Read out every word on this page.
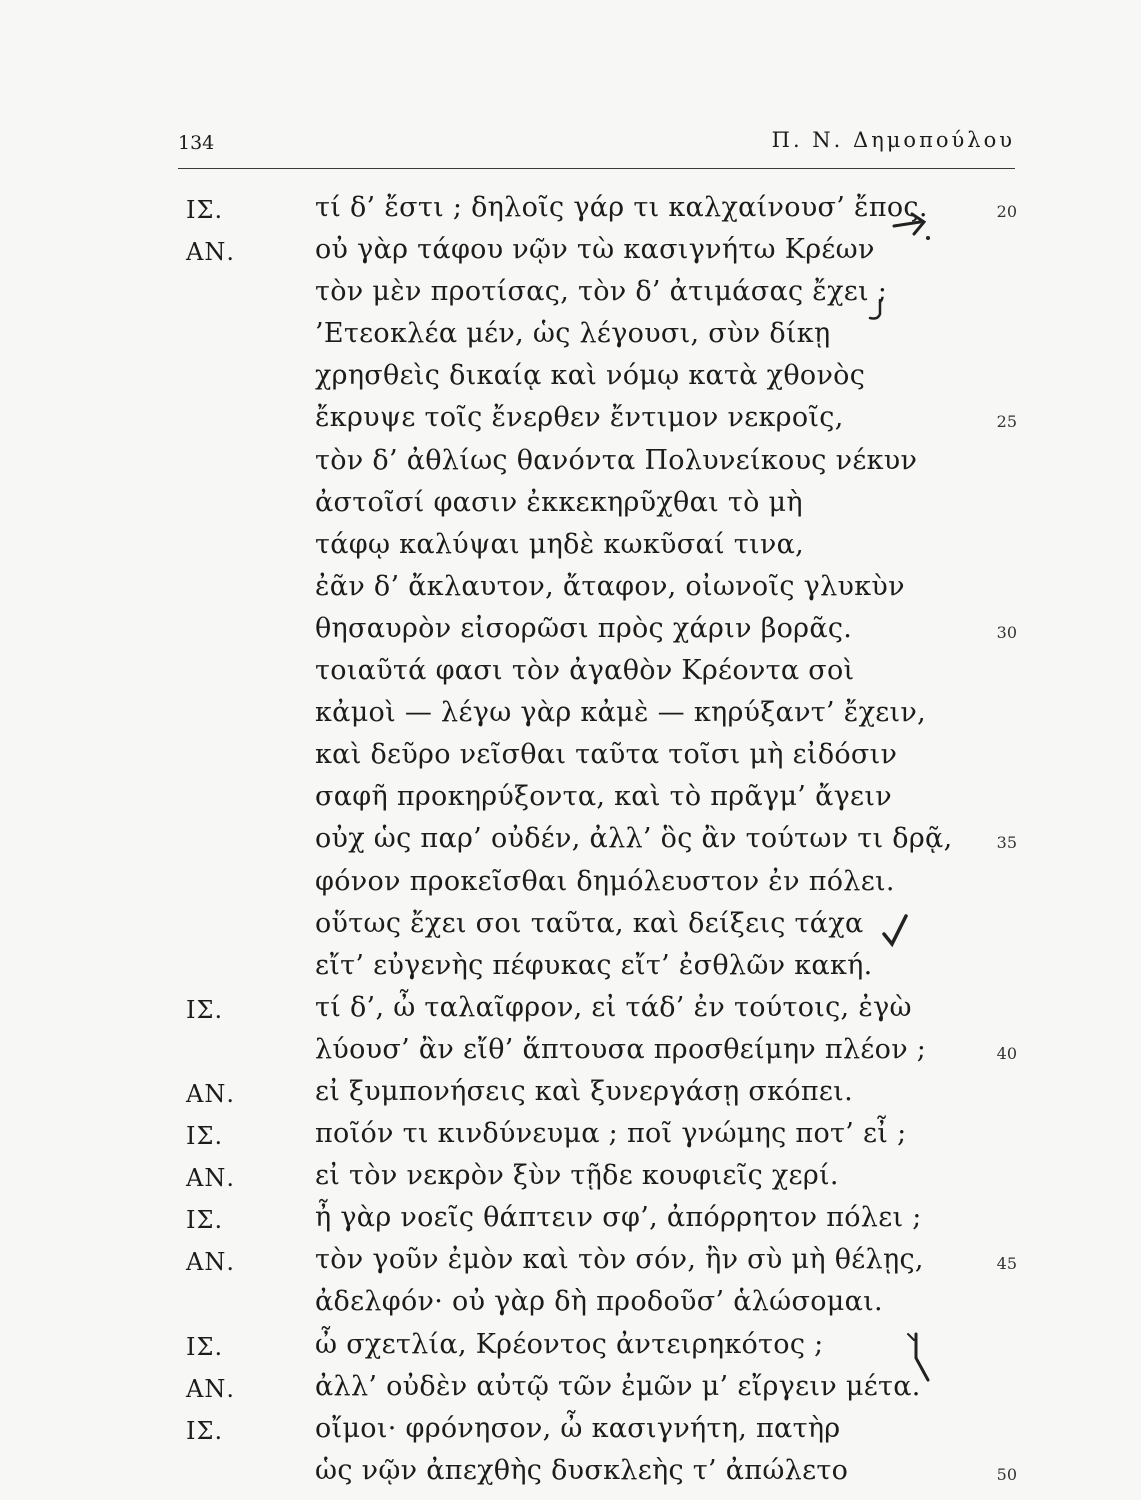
134	Π. Ν. Δημοπούλου
ΙΣ.	τί δ’ ἔστι ; δηλοῖς γάρ τι καλχαίνουσ’ ἔπος.	20
ΑΝ.	οὐ γὰρ τάφου νῷν τὼ κασιγνήτω Κρέων
τὸν μὲν προτίσας, τὸν δ’ ἀτιμάσας ἔχει ;
’Ετεοκλέα μέν, ὡς λέγουσι, σὺν δίκῃ
χρησθεὶς δικαίᾳ καὶ νόμῳ κατὰ χθονὸς
ἔκρυψε τοῖς ἔνερθεν ἔντιμον νεκροῖς,	25
τὸν δ’ ἀθλίως θανόντα Πολυνείκους νέκυν
ἀστοῖσί φασιν ἐκκεκηρῦχθαι τὸ μὴ
τάφῳ καλύψαι μηδὲ κωκῦσαί τινα,
ἐᾶν δ’ ἄκλαυτον, ἄταφον, οἰωνοῖς γλυκὺν
θησαυρὸν εἰσορῶσι πρὸς χάριν βορᾶς.	30
τοιαῦτά φασι τὸν ἀγαθὸν Κρέοντα σοὶ
κἀμοὶ — λέγω γὰρ κἀμὲ — κηρύξαντ’ ἔχειν,
καὶ δεῦρο νεῖσθαι ταῦτα τοῖσι μὴ εἰδόσιν
σαφῆ προκηρύξοντα, καὶ τὸ πρᾶγμ’ ἄγειν
οὐχ ὡς παρ’ οὐδέν, ἀλλ’ ὃς ἂν τούτων τι δρᾷ,	35
φόνον προκεῖσθαι δημόλευστον ἐν πόλει.
οὕτως ἔχει σοι ταῦτα, καὶ δείξεις τάχα
εἴτ’ εὐγενὴς πέφυκας εἴτ’ ἐσθλῶν κακή.
ΙΣ.	τί δ’, ὦ ταλαῖφρον, εἰ τάδ’ ἐν τούτοις, ἐγὼ
λύουσ’ ἂν εἴθ’ ἅπτουσα προσθείμην πλέον ;	40
ΑΝ.	εἰ ξυμπονήσεις καὶ ξυνεργάσῃ σκόπει.
ΙΣ.	ποῖόν τι κινδύνευμα ; ποῖ γνώμης ποτ’ εἶ ;
ΑΝ.	εἰ τὸν νεκρὸν ξὺν τῇδε κουφιεῖς χερί.
ΙΣ.	ἦ γὰρ νοεῖς θάπτειν σφ’, ἀπόρρητον πόλει ;
ΑΝ.	τὸν γοῦν ἐμὸν καὶ τὸν σόν, ἢν σὺ μὴ θέλῃς,	45
ἀδελφόν· οὐ γὰρ δὴ προδοῦσ’ ἁλώσομαι.
ΙΣ.	ὦ σχετλία, Κρέοντος ἀντειρηκότος ;
ΑΝ.	ἀλλ’ οὐδὲν αὐτῷ τῶν ἐμῶν μ’ εἴργειν μέτα.
ΙΣ.	οἴμοι· φρόνησον, ὦ κασιγνήτη, πατὴρ
ὡς νῷν ἀπεχθὴς δυσκλεὴς τ’ ἀπώλετο	50
